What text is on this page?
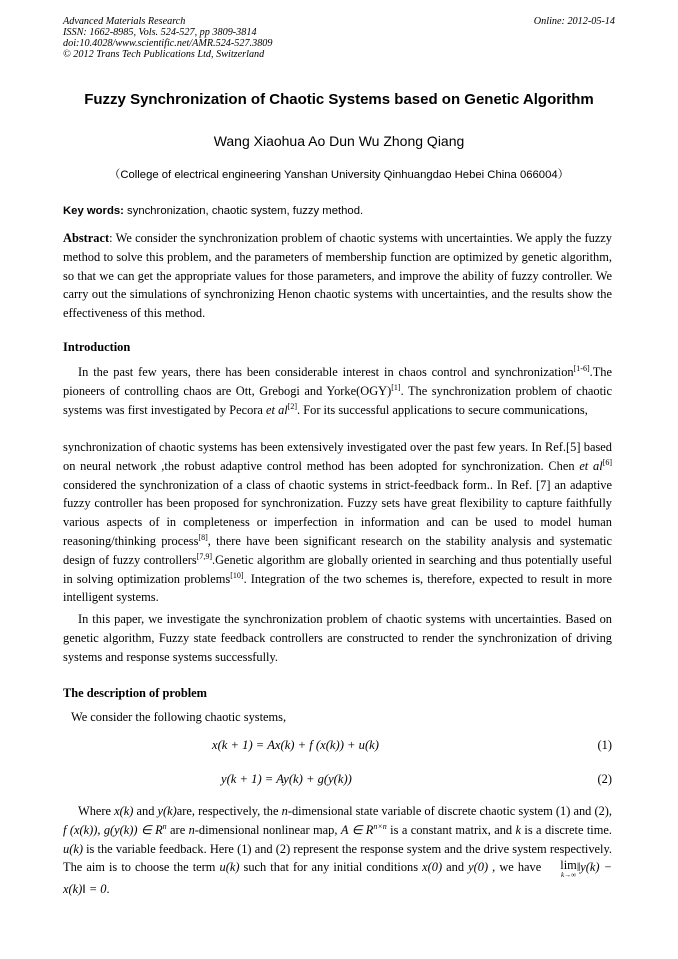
Advanced Materials Research
ISSN: 1662-8985, Vols. 524-527, pp 3809-3814
doi:10.4028/www.scientific.net/AMR.524-527.3809
© 2012 Trans Tech Publications Ltd, Switzerland
Online: 2012-05-14
Fuzzy Synchronization of Chaotic Systems based on Genetic Algorithm
Wang Xiaohua Ao Dun Wu Zhong Qiang
（College of electrical engineering Yanshan University Qinhuangdao Hebei China 066004）
Key words: synchronization, chaotic system, fuzzy method.
Abstract: We consider the synchronization problem of chaotic systems with uncertainties. We apply the fuzzy method to solve this problem, and the parameters of membership function are optimized by genetic algorithm, so that we can get the appropriate values for those parameters, and improve the ability of fuzzy controller. We carry out the simulations of synchronizing Henon chaotic systems with uncertainties, and the results show the effectiveness of this method.
Introduction
In the past few years, there has been considerable interest in chaos control and synchronization[1-6].The pioneers of controlling chaos are Ott, Grebogi and Yorke(OGY)[1]. The synchronization problem of chaotic systems was first investigated by Pecora et al[2]. For its successful applications to secure communications,
synchronization of chaotic systems has been extensively investigated over the past few years. In Ref.[5] based on neural network ,the robust adaptive control method has been adopted for synchronization. Chen et al[6] considered the synchronization of a class of chaotic systems in strict-feedback form.. In Ref. [7] an adaptive fuzzy controller has been proposed for synchronization. Fuzzy sets have great flexibility to capture faithfully various aspects of in completeness or imperfection in information and can be used to model human reasoning/thinking process[8], there have been significant research on the stability analysis and systematic design of fuzzy controllers[7,9].Genetic algorithm are globally oriented in searching and thus potentially useful in solving optimization problems[10]. Integration of the two schemes is, therefore, expected to result in more intelligent systems.
In this paper, we investigate the synchronization problem of chaotic systems with uncertainties. Based on genetic algorithm, Fuzzy state feedback controllers are constructed to render the synchronization of driving systems and response systems successfully.
The description of problem
We consider the following chaotic systems,
x(k + 1) = Ax(k) + f (x(k)) + u(k)	(1)
y(k + 1) = Ay(k) + g(y(k))	(2)
Where x(k) and y(k)are, respectively, the n-dimensional state variable of discrete chaotic system (1) and (2), f (x(k)), g(y(k)) ∈ $R^n$ are n-dimensional nonlinear map, A ∈ $R^{n\times n}$ is a constant matrix, and k is a discrete time. u(k) is the variable feedback. Here (1) and (2) represent the response system and the drive system respectively. The aim is to choose the term u(k) such that for any initial conditions x(0) and y(0) , we have lim
k→∞
‖y(k) − x(k)‖ = 0.
